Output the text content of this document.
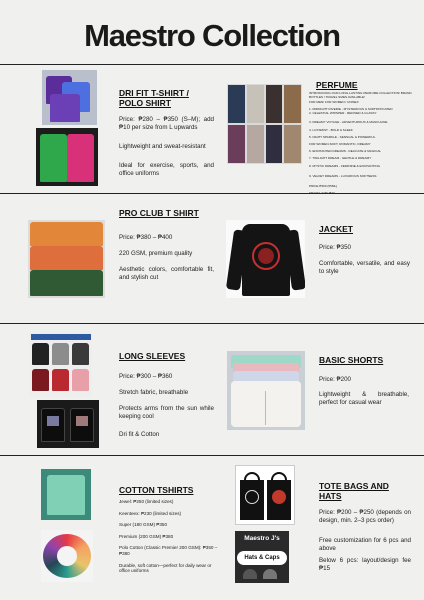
Maestro Collection
DRI FIT T-SHIRT / POLO SHIRT
Price: ₱280 – ₱350 (S–M); add ₱10 per size from L upwards
Lightweight and sweat-resistant
Ideal for exercise, sports, and office uniforms
PERFUME
INTRODUCING OUR LONG-LASTING PERFUME COLLECTION! BRAND BOTTLES / TRAVEL SIZES AVAILABLE!
FOR MEN/ FOR WOMEN / UNISEX
1. MIDNIGHT RIVERIE - MYSTERIOUS & SOPHISTICATED
2. CELESTIAL WHISPER - REFINED & CLASSY
3. DREAMY VOYAGE - ADVENTUROUS & MASCULINE
4. LUXSMIST - BOLD & SLEEK
5. NIGHT SPARKLE - SENSUAL & POWERFUL
FOR WOMEN-SOFT, ROMANTIC, DREAMY
6. ENCHANTED DREAMS - DELICATE & MAGICAL
7. TWILIGHT DREAM - GENTLE & DREAMY
8. MYSTIC DREAMS - FEMININE & ENCHANTING
9. VELVET DREAMS - LUXURIOUS SOFTNESS
PRICE ₱300 (55ML)
TRAVEL SIZE ₱20
PRO CLUB T SHIRT
Price: ₱380 – ₱400
220 GSM, premium quality
Aesthetic colors, comfortable fit, and stylish cut
JACKET
Price: ₱350
Comfortable, versatile, and easy to style
LONG SLEEVES
Price: ₱300 – ₱360
Stretch fabric, breathable
Protects arms from the sun while keeping cool
Dri fit & Cotton
BASIC SHORTS
Price: ₱200
Lightweight & breathable, perfect for casual wear
COTTON TSHIRTS
Jewel: ₱250 (limited sizes)
Keenteex: ₱230 (limited sizes)
Super (180 GSM) ₱350
Premium (200 GSM) ₱380
Polo Cotton (Classic Premier 200 GSM): ₱350 – ₱380
Durable, soft cotton—perfect for daily wear or office uniforms
Maestro J's
Hats & Caps
TOTE BAGS AND HATS
Price: ₱200 – ₱250 (depends on design, min. 2–3 pcs order)
Free customization for 6 pcs and above
Below 6 pcs: layout/design fee ₱15
